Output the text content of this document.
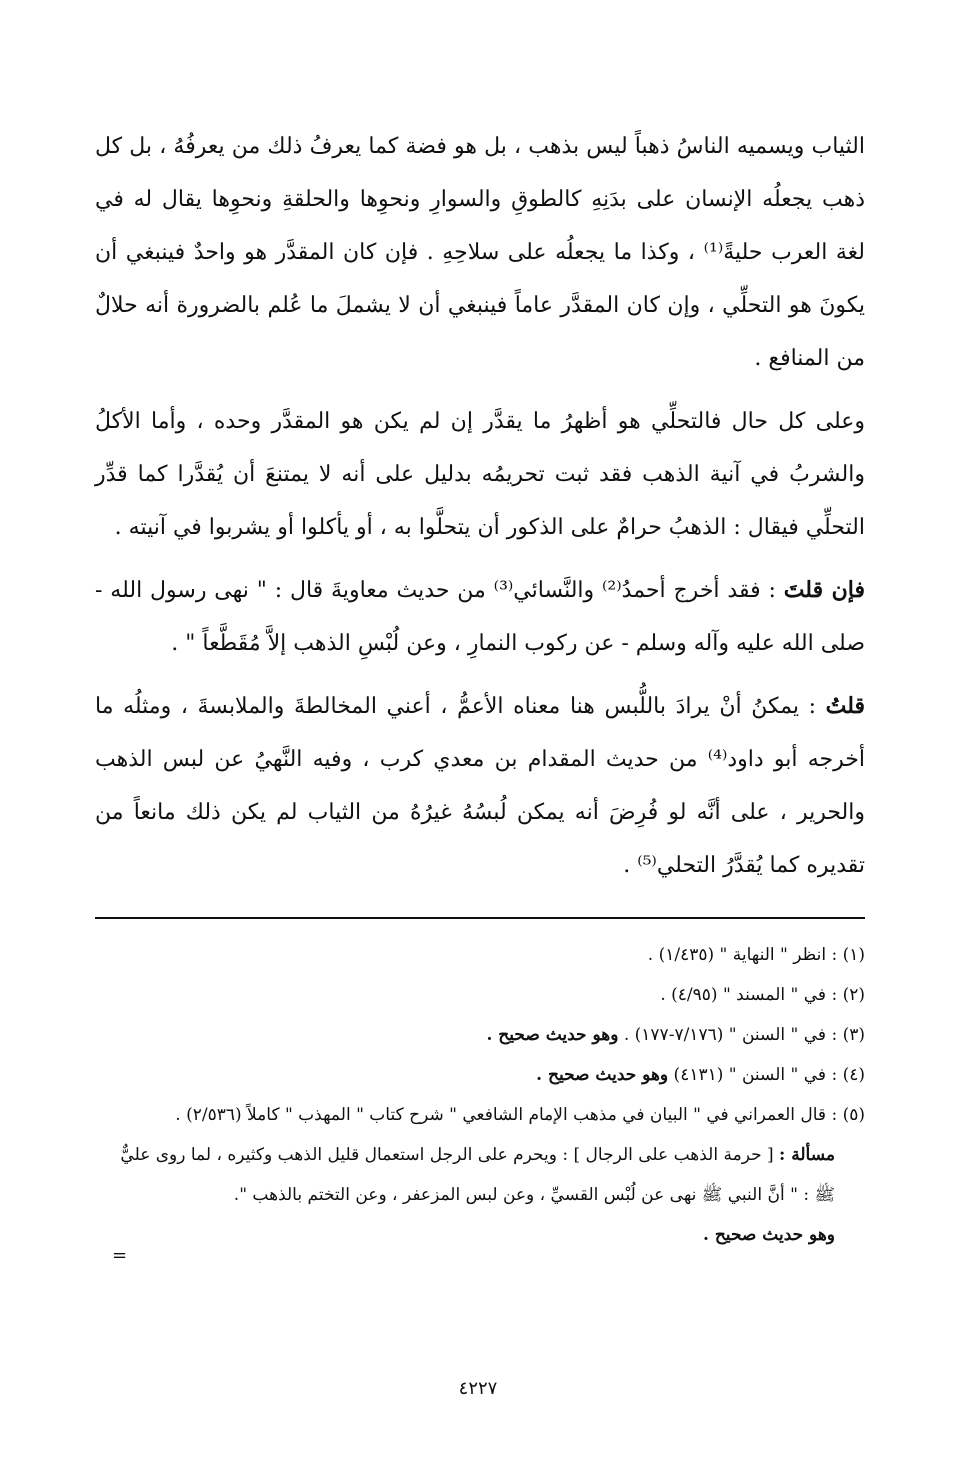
الثياب ويسميه الناسُ ذهباً ليس بذهب ، بل هو فضة كما يعرفُ ذلك من يعرفُهُ ، بل كل ذهب يجعلُه الإنسان على بدَنِهِ كالطوقِ والسوارِ ونحوِها والحلقةِ ونحوِها يقال له في لغة العرب حليةً⁽¹⁾ ، وكذا ما يجعلُه على سلاحِهِ . فإن كان المقدَّر هو واحدٌ فينبغي أن يكونَ هو التحلِّي ، وإن كان المقدَّر عاماً فينبغي أن لا يشملَ ما عُلم بالضرورة أنه حلالٌ من المنافع .

وعلى كل حال فالتحلِّي هو أظهرُ ما يقدَّر إن لم يكن هو المقدَّر وحده ، وأما الأكلُ والشربُ في آنية الذهب فقد ثبت تحريمُه بدليل على أنه لا يمتنعَ أن يُقدَّرا كما قدِّر التحلِّي فيقال : الذهبُ حرامٌ على الذكور أن يتحلَّوا به ، أو يأكلوا أو يشربوا في آنيته .

فإن قلتَ : فقد أخرج أحمدُ⁽²⁾ والنَّسائي⁽³⁾ من حديث معاويةَ قال : " نهى رسول الله - صلى الله عليه وآله وسلم - عن ركوب النمارِ ، وعن لُبْسِ الذهب إلاَّ مُقَطَّعاً " .

قلتُ : يمكنُ أنْ يرادَ باللُّبس هنا معناه الأعمُّ ، أعني المخالطةَ والملابسةَ ، ومثلُه ما أخرجه أبو داود⁽⁴⁾ من حديث المقدام بن معدي كرب ، وفيه النَّهيُ عن لبس الذهب والحرير ، على أنَّه لو فُرِضَ أنه يمكن لُبسُهُ غيرُهُ من الثياب لم يكن ذلك مانعاً من تقديره كما يُقدَّرُ التحلي⁽⁵⁾ .

(١) : انظر " النهاية " (١/٤٣٥) .

(٢) : في " المسند " (٤/٩٥) .

(٣) : في " السنن " (٧/١٧٦-١٧٧) . وهو حديث صحيح .

(٤) : في " السنن " (٤١٣١) وهو حديث صحيح .

(٥) : قال العمراني في " البيان في مذهب الإمام الشافعي " شرح كتاب " المهذب " كاملاً (٢/٥٣٦) .

مسألة : [ حرمة الذهب على الرجال ] : ويحرم على الرجل استعمال قليل الذهب وكثيره ، لما روى عليٌّ ﷺ : " أنَّ النبي ﷺ نهى عن لُبْس القسيِّ ، وعن لبس المزعفر ، وعن التختم بالذهب ".

وهو حديث صحيح .

=
٤٢٢٧
